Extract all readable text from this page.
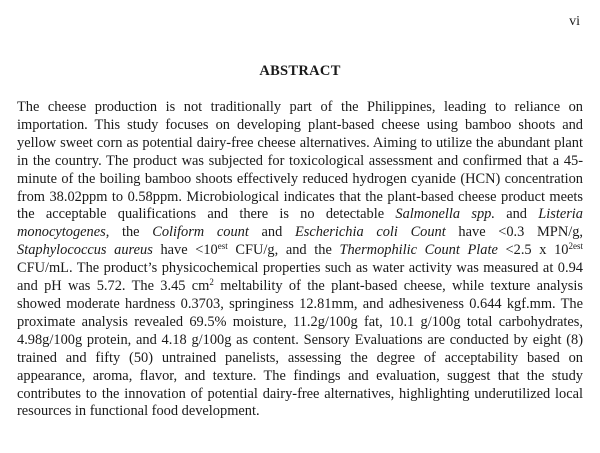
vi
ABSTRACT

The cheese production is not traditionally part of the Philippines, leading to reliance on importation. This study focuses on developing plant-based cheese using bamboo shoots and yellow sweet corn as potential dairy-free cheese alternatives. Aiming to utilize the abundant plant in the country. The product was subjected for toxicological assessment and confirmed that a 45-minute of the boiling bamboo shoots effectively reduced hydrogen cyanide (HCN) concentration from 38.02ppm to 0.58ppm. Microbiological indicates that the plant-based cheese product meets the acceptable qualifications and there is no detectable Salmonella spp. and Listeria monocytogenes, the Coliform count and Escherichia coli Count have <0.3 MPN/g, Staphylococcus aureus have $<10^{est}$ CFU/g, and the Thermophilic Count Plate <2.5 x $10^{2est}$ CFU/mL. The product’s physicochemical properties such as water activity was measured at 0.94 and pH was 5.72. The 3.45 $cm^2$ meltability of the plant-based cheese, while texture analysis showed moderate hardness 0.3703, springiness 12.81mm, and adhesiveness 0.644 kgf.mm. The proximate analysis revealed 69.5% moisture, 11.2g/100g fat, 10.1 g/100g total carbohydrates, 4.98g/100g protein, and 4.18 g/100g as content. Sensory Evaluations are conducted by eight (8) trained and fifty (50) untrained panelists, assessing the degree of acceptability based on appearance, aroma, flavor, and texture. The findings and evaluation, suggest that the study contributes to the innovation of potential dairy-free alternatives, highlighting underutilized local resources in functional food development.
